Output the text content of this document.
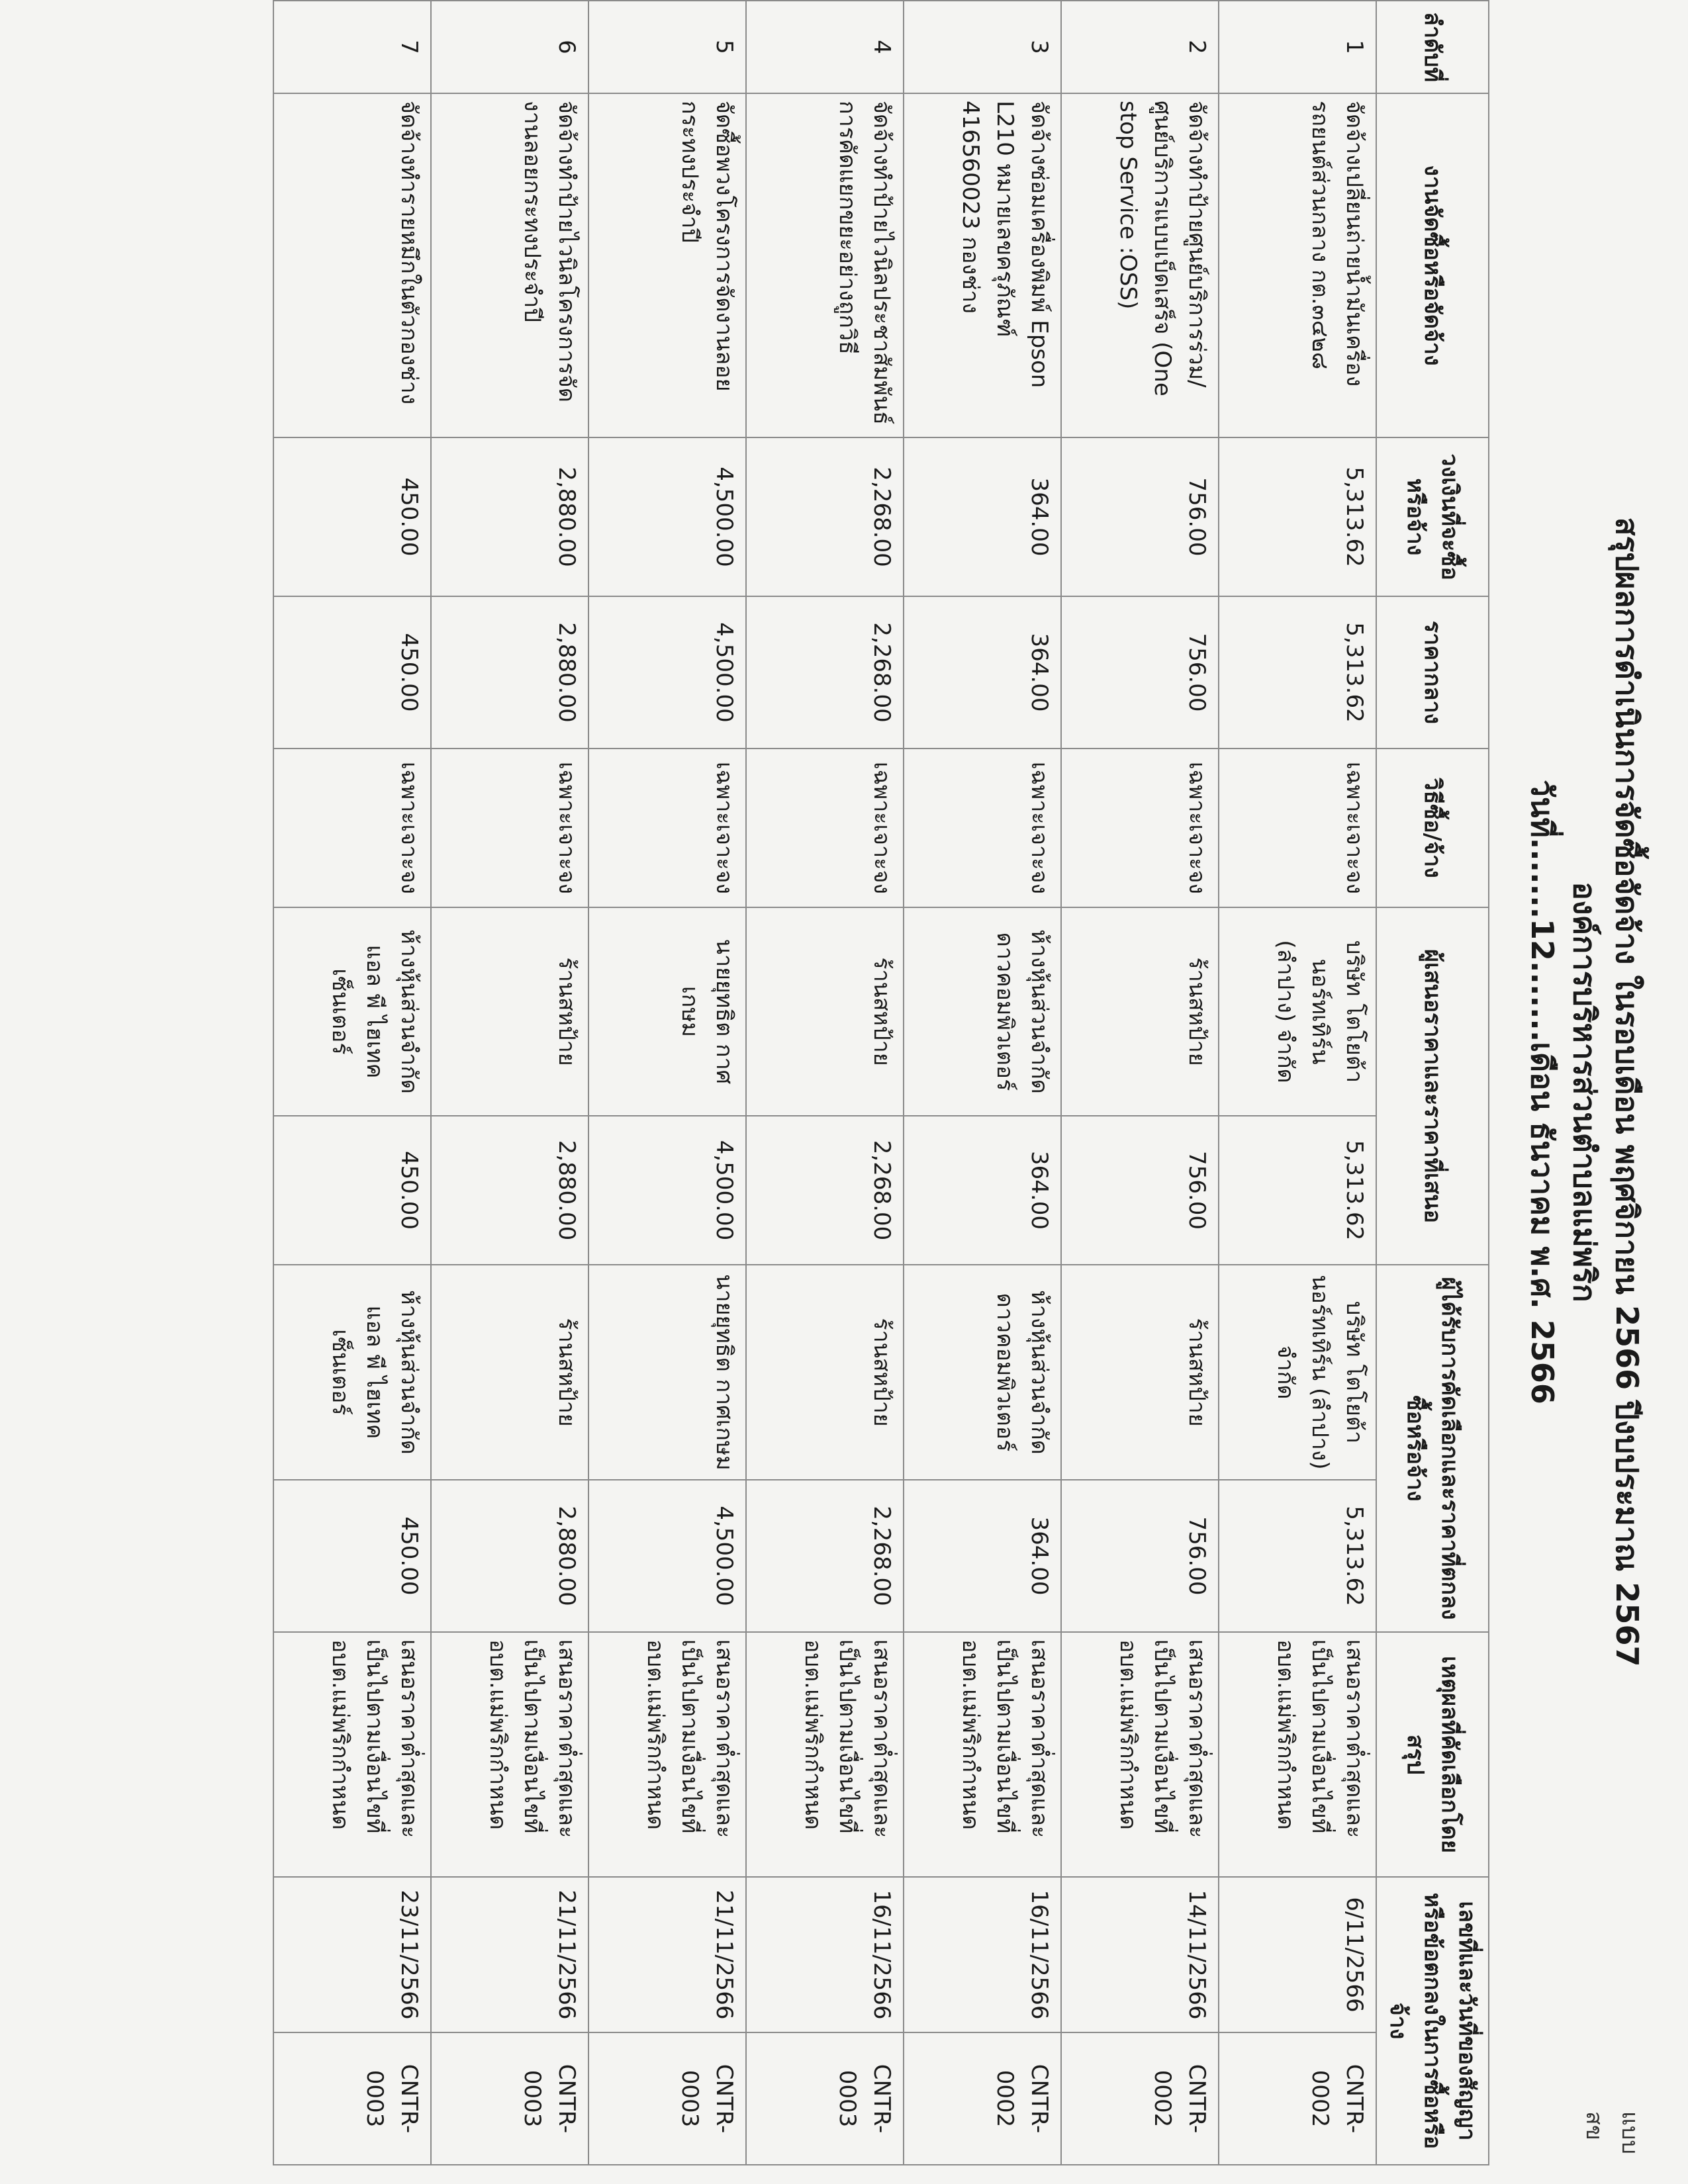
แบบ สข
สรุปผลการดำเนินการจัดซื้อจัดจ้าง ในรอบเดือน พฤศจิกายน 2566 ปีงบประมาณ 2567
องค์การบริหารส่วนตำบลแม่พริก
วันที่.......12.......เดือน ธันวาคม พ.ศ. 2566
ลำดับที่	งานจัดซื้อหรือจัดจ้าง	วงเงินที่จะซื้อหรือจ้าง	ราคากลาง	วิธีซื้อ/จ้าง	ผู้เสนอราคาและราคาที่เสนอ		ผู้ได้รับการคัดเลือกและราคาที่ตกลงซื้อหรือจ้าง		เหตุผลที่คัดเลือกโดยสรุป	เลขที่และวันที่ของสัญญาหรือข้อตกลงในการซื้อหรือจ้าง	
1	จัดจ้างเปลี่ยนถ่ายน้ำมันเครื่องรถยนต์ส่วนกลาง กต.๓๔๒๘	5,313.62	5,313.62	เฉพาะเจาะจง	บริษัท โตโยต้า นอร์ทเทิร์น (ลำปาง) จำกัด	5,313.62	บริษัท โตโยต้า นอร์ทเทิร์น (ลำปาง) จำกัด	5,313.62	เสนอราคาต่ำสุดและเป็นไปตามเงื่อนไขที่ อบต.แม่พริกกำหนด	6/11/2566	CNTR-0002
2	จัดจ้างทำป้ายศูนย์บริการร่วม/ศูนย์บริการแบบเบ็ดเสร็จ (One stop Service :OSS)	756.00	756.00	เฉพาะเจาะจง	ร้านสหป้าย	756.00	ร้านสหป้าย	756.00	เสนอราคาต่ำสุดและเป็นไปตามเงื่อนไขที่ อบต.แม่พริกกำหนด	14/11/2566	CNTR-0002
3	จัดจ้างซ่อมเครื่องพิมพ์ Epson L210 หมายเลขครุภัณฑ์ 416560023 กองช่าง	364.00	364.00	เฉพาะเจาะจง	ห้างหุ้นส่วนจำกัด ดาวคอมพิวเตอร์	364.00	ห้างหุ้นส่วนจำกัด ดาวคอมพิวเตอร์	364.00	เสนอราคาต่ำสุดและเป็นไปตามเงื่อนไขที่ อบต.แม่พริกกำหนด	16/11/2566	CNTR-0002
4	จัดจ้างทำป้ายไวนิลประชาสัมพันธ์การคัดแยกขยะอย่างถูกวิธี	2,268.00	2,268.00	เฉพาะเจาะจง	ร้านสหป้าย	2,268.00	ร้านสหป้าย	2,268.00	เสนอราคาต่ำสุดและเป็นไปตามเงื่อนไขที่ อบต.แม่พริกกำหนด	16/11/2566	CNTR-0003
5	จัดซื้อพวงโครงการจัดงานลอยกระทงประจำปี	4,500.00	4,500.00	เฉพาะเจาะจง	นายยุทธิต กาศเกษม	4,500.00	นายยุทธิต กาศเกษม	4,500.00	เสนอราคาต่ำสุดและเป็นไปตามเงื่อนไขที่ อบต.แม่พริกกำหนด	21/11/2566	CNTR-0003
6	จัดจ้างทำป้ายไวนิลโครงการจัดงานลอยกระทงประจำปี	2,880.00	2,880.00	เฉพาะเจาะจง	ร้านสหป้าย	2,880.00	ร้านสหป้าย	2,880.00	เสนอราคาต่ำสุดและเป็นไปตามเงื่อนไขที่ อบต.แม่พริกกำหนด	21/11/2566	CNTR-0003
7	จัดจ้างทำรายหมึกในตัวกองช่าง	450.00	450.00	เฉพาะเจาะจง	ห้างหุ้นส่วนจำกัด แอล พี ไฮเทค เซ็นเตอร์	450.00	ห้างหุ้นส่วนจำกัด แอล พี ไฮเทค เซ็นเตอร์	450.00	เสนอราคาต่ำสุดและเป็นไปตามเงื่อนไขที่ อบต.แม่พริกกำหนด	23/11/2566	CNTR-0003
